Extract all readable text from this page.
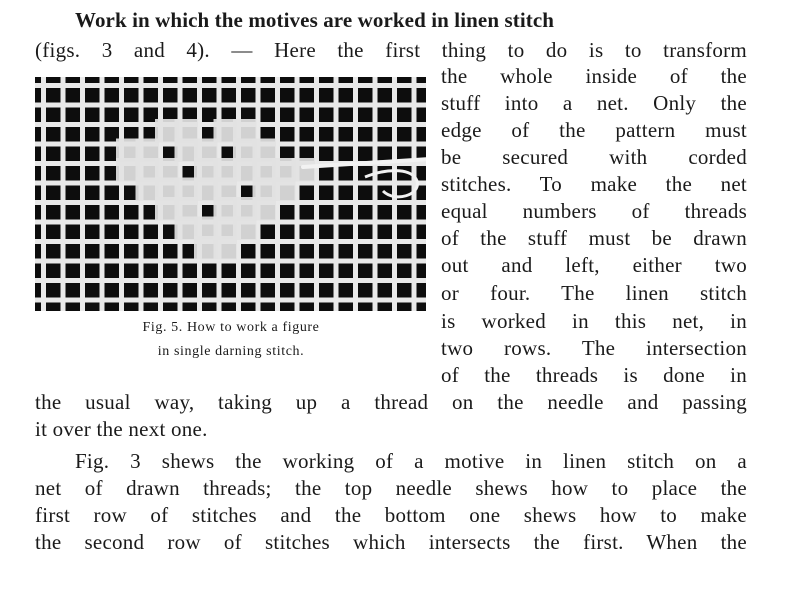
Work in which the motives are worked in linen stitch
(figs. 3 and 4). — Here the first thing to do is to transform
the whole inside of the
stuff into a net. Only the
edge of the pattern must
be secured with corded
stitches. To make the net
equal numbers of threads
of the stuff must be drawn
out and left, either two
or four. The linen stitch
is worked in this net, in
two rows. The intersection
of the threads is done in
the usual way, taking up a thread on the needle and passing
it over the next one.
Fig. 3 shews the working of a motive in linen stitch on a
net of drawn threads; the top needle shews how to place the
first row of stitches and the bottom one shews how to make
the second row of stitches which intersects the first. When the
Fig. 5. How to work a figure
in single darning stitch.
